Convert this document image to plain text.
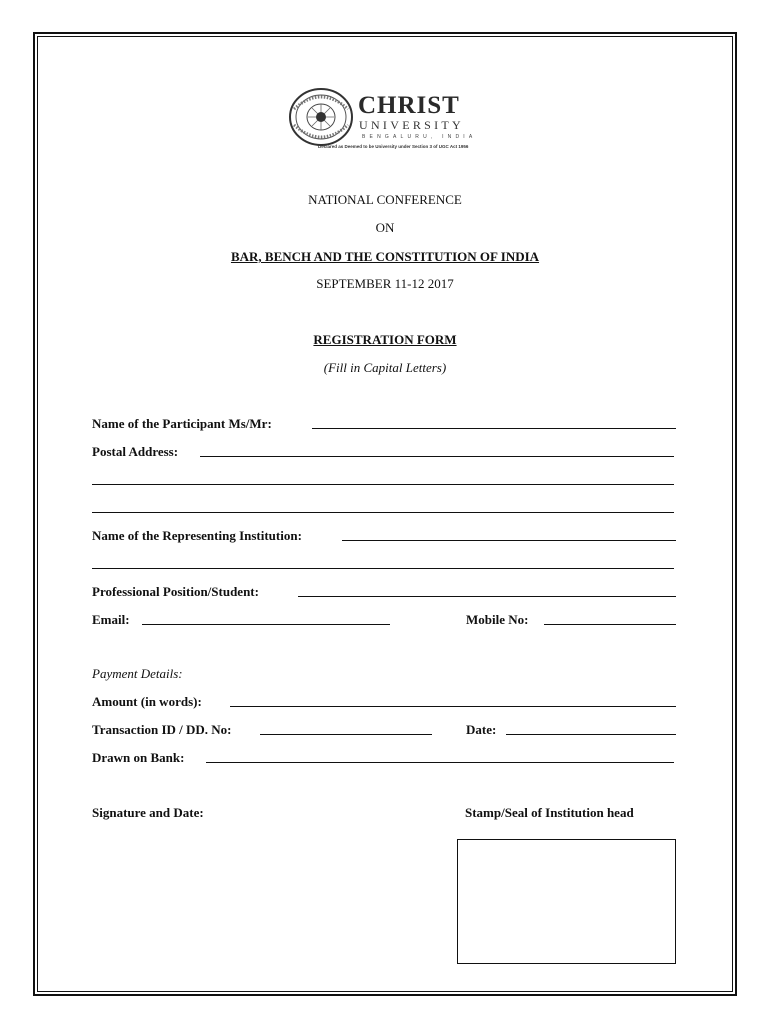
CHRIST
UNIVERSITY
BENGALURU, INDIA
Declared as Deemed to be University under Section 3 of UGC Act 1956
NATIONAL CONFERENCE
ON
BAR, BENCH AND THE CONSTITUTION OF INDIA
SEPTEMBER 11-12 2017
REGISTRATION FORM
(Fill in Capital Letters)
Name of the Participant Ms/Mr:
Postal Address:
Name of the Representing Institution:
Professional Position/Student:
Email:	Mobile No:
Payment Details:
Amount (in words):
Transaction ID / DD. No:	Date:
Drawn on Bank:
Signature and Date:	Stamp/Seal of Institution head
